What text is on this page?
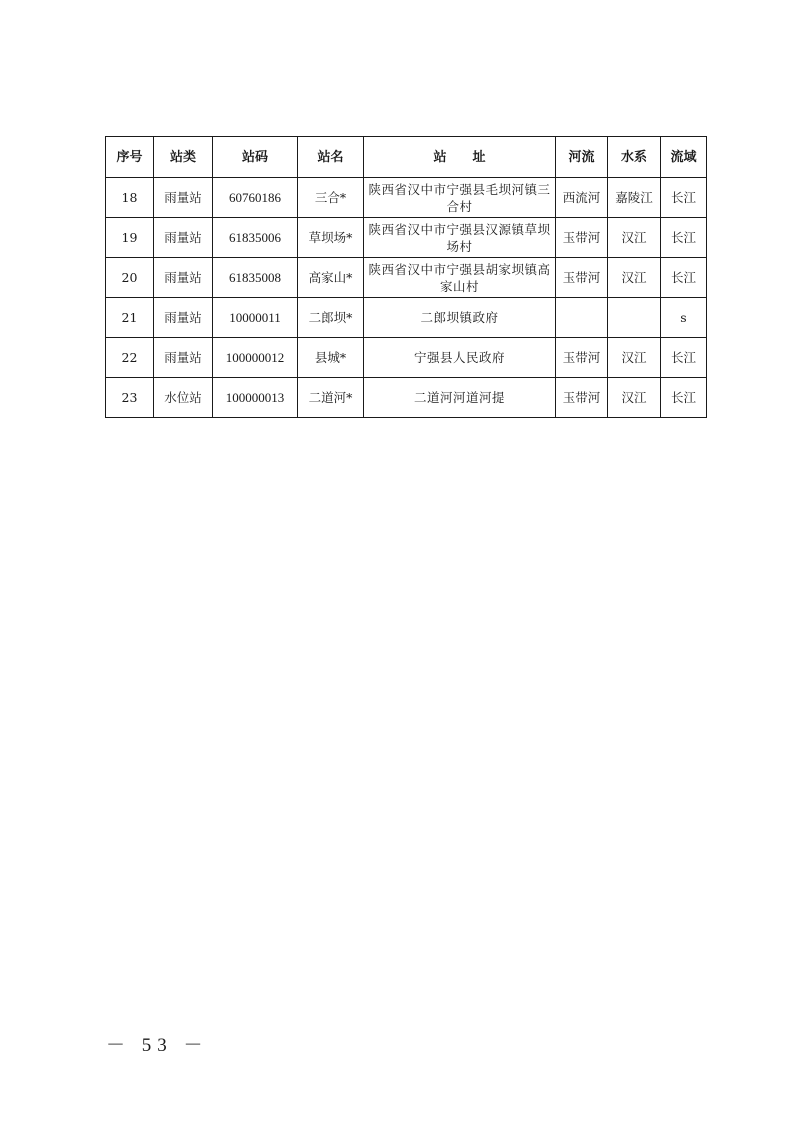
序号	站类	站码	站名	站　　址	河流	水系	流域
18	雨量站	60760186	三合*	陕西省汉中市宁强县毛坝河镇三合村	西流河	嘉陵江	长江
19	雨量站	61835006	草坝场*	陕西省汉中市宁强县汉源镇草坝场村	玉带河	汉江	长江
20	雨量站	61835008	高家山*	陕西省汉中市宁强县胡家坝镇高家山村	玉带河	汉江	长江
21	雨量站	10000011	二郎坝*	二郎坝镇政府			s
22	雨量站	100000012	县城*	宁强县人民政府	玉带河	汉江	长江
23	水位站	100000013	二道河*	二道河河道河提	玉带河	汉江	长江
－ 53 －
